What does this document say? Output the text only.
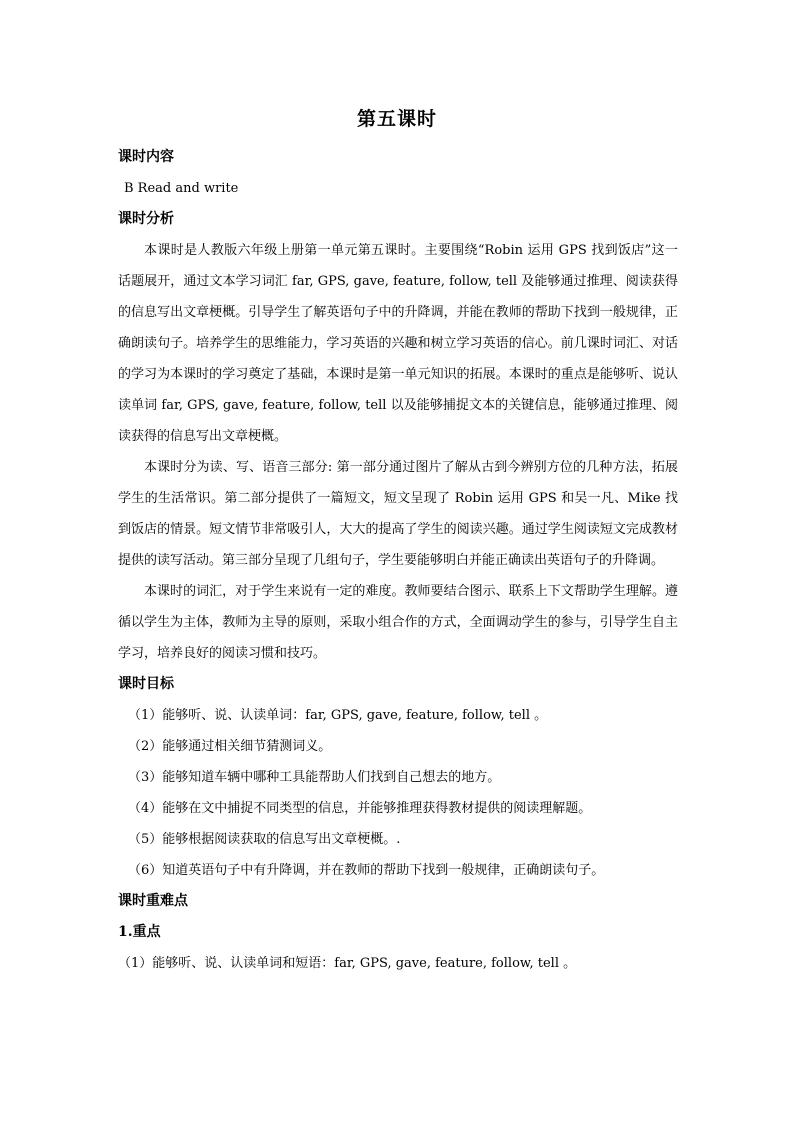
第五课时
课时内容
B Read and write
课时分析

本课时是人教版六年级上册第一单元第五课时。主要围绕“Robin 运用 GPS 找到饭店”这一话题展开，通过文本学习词汇 far, GPS, gave, feature, follow, tell 及能够通过推理、阅读获得的信息写出文章梗概。引导学生了解英语句子中的升降调，并能在教师的帮助下找到一般规律，正确朗读句子。培养学生的思维能力，学习英语的兴趣和树立学习英语的信心。前几课时词汇、对话的学习为本课时的学习奠定了基础，本课时是第一单元知识的拓展。本课时的重点是能够听、说认读单词 far, GPS, gave, feature, follow, tell 以及能够捕捉文本的关键信息，能够通过推理、阅读获得的信息写出文章梗概。

本课时分为读、写、语音三部分: 第一部分通过图片了解从古到今辨别方位的几种方法，拓展学生的生活常识。第二部分提供了一篇短文，短文呈现了 Robin 运用 GPS 和吴一凡、Mike 找到饭店的情景。短文情节非常吸引人，大大的提高了学生的阅读兴趣。通过学生阅读短文完成教材提供的读写活动。第三部分呈现了几组句子，学生要能够明白并能正确读出英语句子的升降调。

本课时的词汇，对于学生来说有一定的难度。教师要结合图示、联系上下文帮助学生理解。遵循以学生为主体，教师为主导的原则，采取小组合作的方式，全面调动学生的参与，引导学生自主学习，培养良好的阅读习惯和技巧。

课时目标
（1）能够听、说、认读单词：far, GPS, gave, feature, follow, tell 。
（2）能够通过相关细节猜测词义。
（3）能够知道车辆中哪种工具能帮助人们找到自己想去的地方。
（4）能够在文中捕捉不同类型的信息，并能够推理获得教材提供的阅读理解题。
（5）能够根据阅读获取的信息写出文章梗概。.
（6）知道英语句子中有升降调，并在教师的帮助下找到一般规律，正确朗读句子。
课时重难点
1.重点
（1）能够听、说、认读单词和短语：far, GPS, gave, feature, follow, tell 。
